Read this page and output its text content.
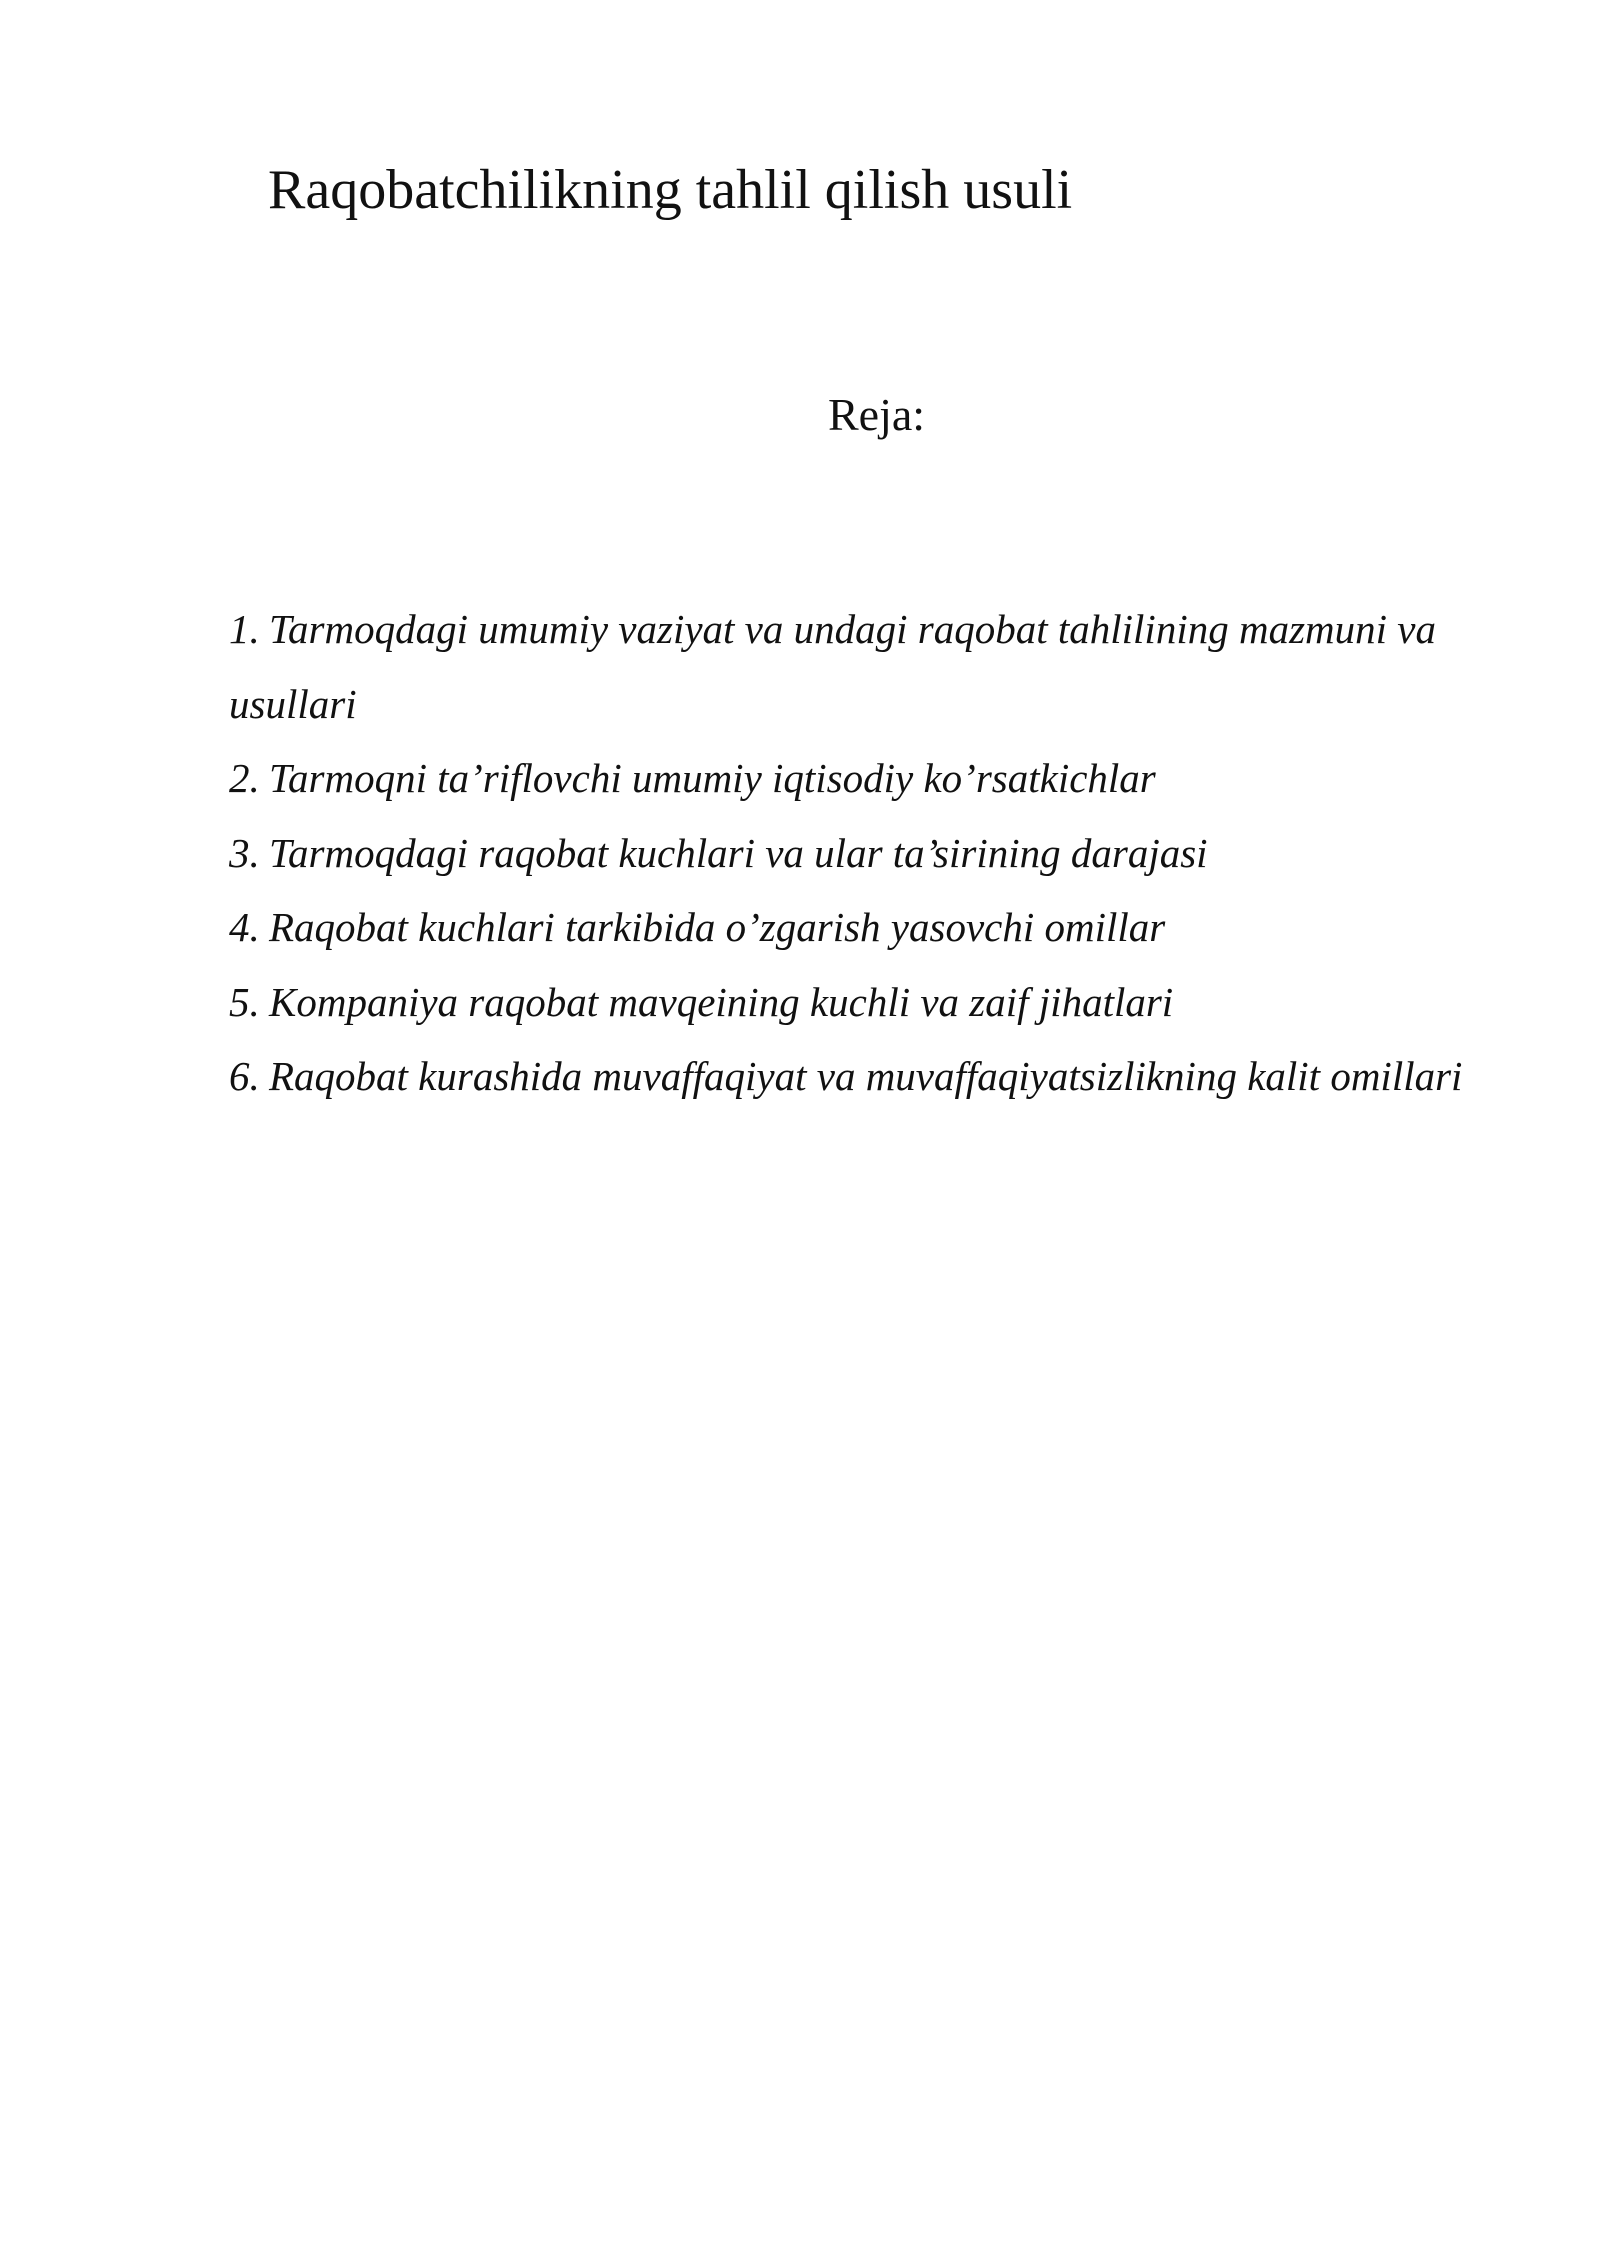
Raqobatchilikning tahlil qilish usuli
Reja:
1. Tarmoqdagi umumiy vaziyat va undagi raqobat tahlilining mazmuni va usullari
2. Tarmoqni ta’riflovchi umumiy iqtisodiy ko’rsatkichlar
3. Tarmoqdagi raqobat kuchlari va ular ta’sirining darajasi
4. Raqobat kuchlari tarkibida o’zgarish yasovchi omillar
5. Kompaniya raqobat mavqeining kuchli va zaif jihatlari
6. Raqobat kurashida muvaffaqiyat va muvaffaqiyatsizlikning kalit omillari
